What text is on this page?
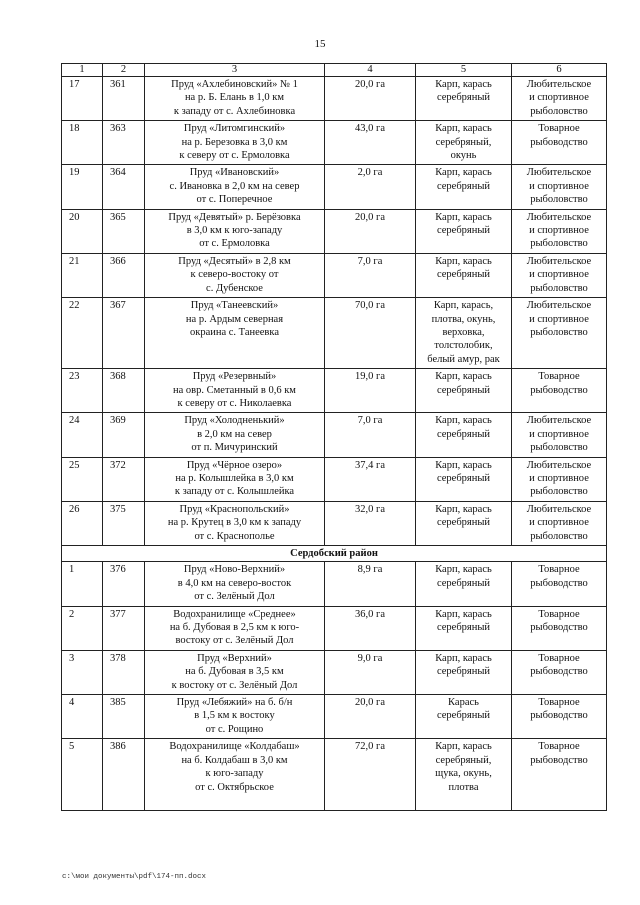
15
1	2	3	4	5	6
17	361	Пруд «Ахлебиновский» № 1
на р. Б. Елань в 1,0 км
к западу от с. Ахлебиновка	20,0 га	Карп, карась
серебряный	Любительское
и спортивное
рыболовство
18	363	Пруд «Литомгинский»
на р. Березовка в 3,0 км
к северу от с. Ермоловка	43,0 га	Карп, карась
серебряный,
окунь	Товарное
рыбоводство
19	364	Пруд «Ивановский»
с. Ивановка в 2,0 км на север
от с. Поперечное	2,0 га	Карп, карась
серебряный	Любительское
и спортивное
рыболовство
20	365	Пруд «Девятый» р. Берёзовка
в 3,0 км к юго-западу
от с. Ермоловка	20,0 га	Карп, карась
серебряный	Любительское
и спортивное
рыболовство
21	366	Пруд «Десятый» в 2,8 км
к северо-востоку от
с. Дубенское	7,0 га	Карп, карась
серебряный	Любительское
и спортивное
рыболовство
22	367	Пруд «Танеевский»
на р. Ардым северная
окраина с. Танеевка	70,0 га	Карп, карась,
плотва, окунь,
верховка,
толстолобик,
белый амур, рак	Любительское
и спортивное
рыболовство
23	368	Пруд «Резервный»
на овр. Сметанный в 0,6 км
к северу от с. Николаевка	19,0 га	Карп, карась
серебряный	Товарное
рыбоводство
24	369	Пруд «Холодненький»
в 2,0 км на север
от п. Мичуринский	7,0 га	Карп, карась
серебряный	Любительское
и спортивное
рыболовство
25	372	Пруд «Чёрное озеро»
на р. Колышлейка в 3,0 км
к западу от с. Колышлейка	37,4 га	Карп, карась
серебряный	Любительское
и спортивное
рыболовство
26	375	Пруд «Краснопольский»
на р. Крутец в 3,0 км к западу
от с. Краснополье	32,0 га	Карп, карась
серебряный	Любительское
и спортивное
рыболовство
Сердобский район					
1	376	Пруд «Ново-Верхний»
в 4,0 км на северо-восток
от с. Зелёный Дол	8,9 га	Карп, карась
серебряный	Товарное
рыбоводство
2	377	Водохранилище «Среднее»
на б. Дубовая в 2,5 км к юго-
востоку от с. Зелёный Дол	36,0 га	Карп, карась
серебряный	Товарное
рыбоводство
3	378	Пруд «Верхний»
на б. Дубовая в 3,5 км
к востоку от с. Зелёный Дол	9,0 га	Карп, карась
серебряный	Товарное
рыбоводство
4	385	Пруд «Лебяжий» на б. б/н
в 1,5 км к востоку
от с. Рощино	20,0 га	Карась
серебряный	Товарное
рыбоводство
5	386	Водохранилище «Колдабаш»
на б. Колдабаш в 3,0 км
к юго-западу
от с. Октябрьское	72,0 га	Карп, карась
серебряный,
щука, окунь,
плотва	Товарное
рыбоводство
c:\мои документы\pdf\174-пп.docx
